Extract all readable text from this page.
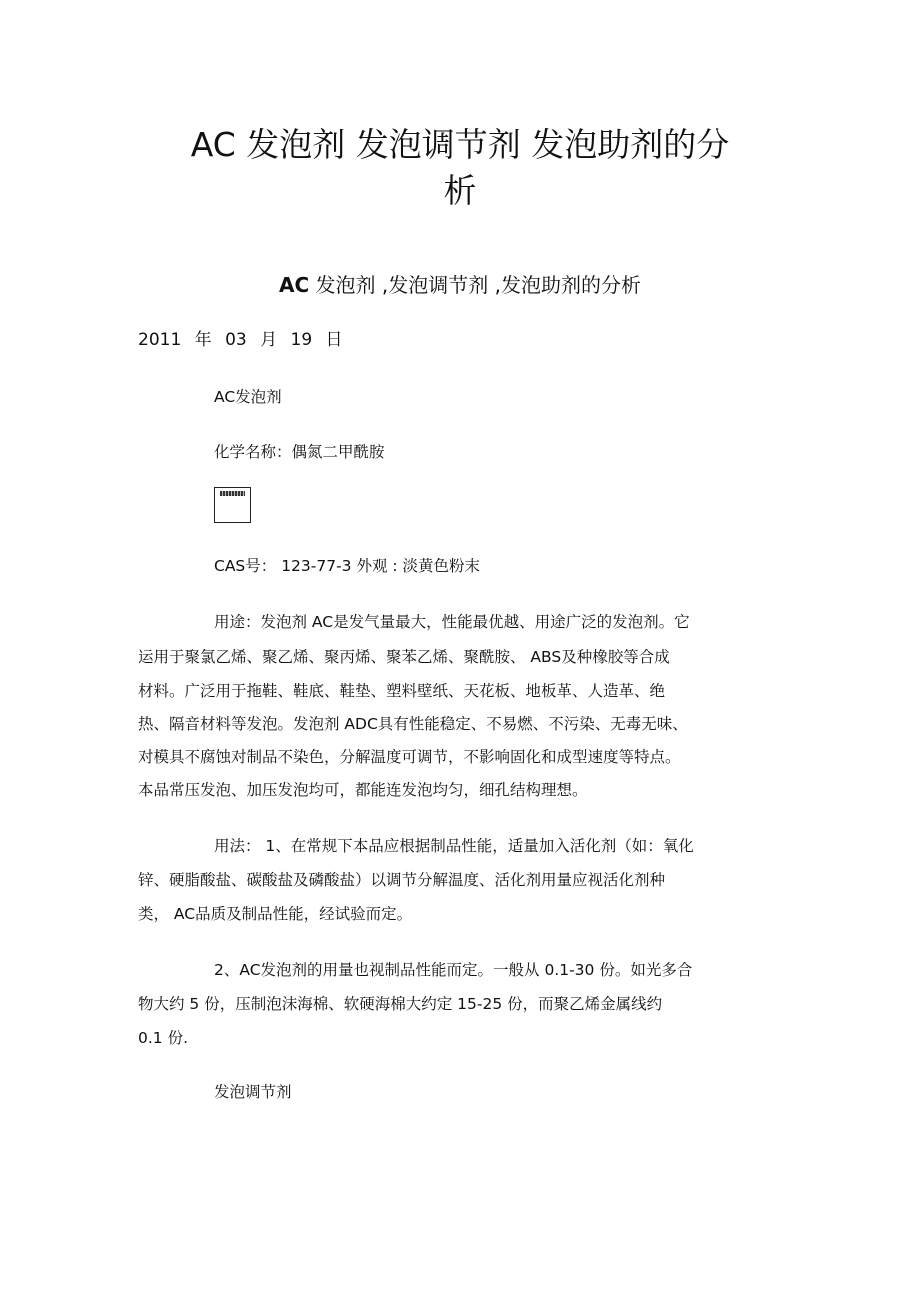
AC 发泡剂 发泡调节剂 发泡助剂的分
析

AC 发泡剂 ,发泡调节剂 ,发泡助剂的分析

2011 年 03 月 19 日
AC发泡剂
化学名称：偶氮二甲酰胺
CAS号： 123-77-3 外观 : 淡黄色粉末
用途：发泡剂 AC是发气量最大，性能最优越、用途广泛的发泡剂。它
运用于聚氯乙烯、聚乙烯、聚丙烯、聚苯乙烯、聚酰胺、 ABS及种橡胶等合成
材料。广泛用于拖鞋、鞋底、鞋垫、塑料壁纸、天花板、地板革、人造革、绝
热、隔音材料等发泡。发泡剂 ADC具有性能稳定、不易燃、不污染、无毒无味、
对模具不腐蚀对制品不染色，分解温度可调节，不影响固化和成型速度等特点。
本品常压发泡、加压发泡均可，都能连发泡均匀，细孔结构理想。
用法： 1、在常规下本品应根据制品性能，适量加入活化剂（如：氧化
锌、硬脂酸盐、碳酸盐及磷酸盐）以调节分解温度、活化剂用量应视活化剂种
类， AC品质及制品性能，经试验而定。
2、AC发泡剂的用量也视制品性能而定。一般从 0.1-30 份。如光多合
物大约 5 份，压制泡沫海棉、软硬海棉大约定 15-25 份，而聚乙烯金属线约
0.1 份.
发泡调节剂
